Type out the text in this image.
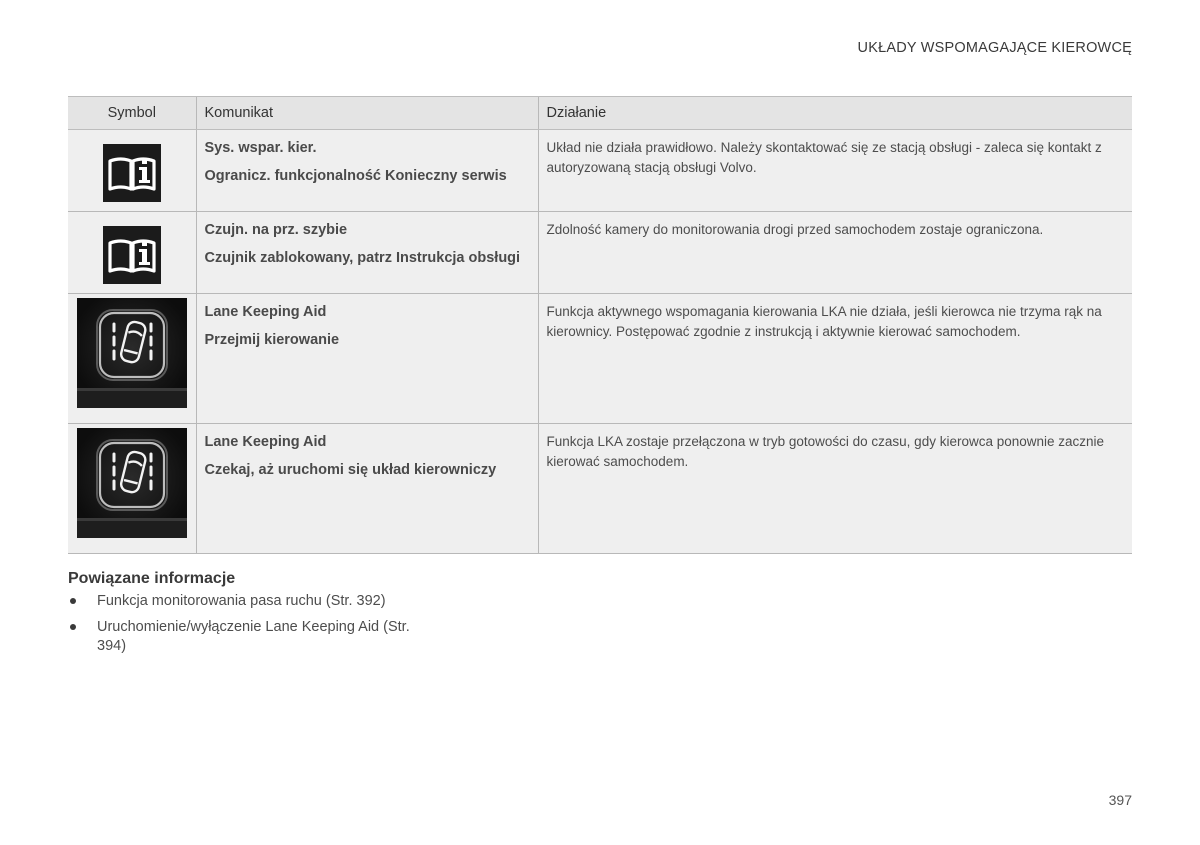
UKŁADY WSPOMAGAJĄCE KIEROWCĘ
Symbol	Komunikat	Działanie

Sys. wspar. kier.
Ogranicz. funkcjonalność Konieczny serwis	Układ nie działa prawidłowo. Należy skontaktować się ze stacją obsługi - zaleca się kontakt z autoryzowaną stacją obsługi Volvo.

Czujn. na prz. szybie
Czujnik zablokowany, patrz Instrukcja obsługi	Zdolność kamery do monitorowania drogi przed samochodem zostaje ograniczona.

Lane Keeping Aid
Przejmij kierowanie	Funkcja aktywnego wspomagania kierowania LKA nie działa, jeśli kierowca nie trzyma rąk na kierownicy. Postępować zgodnie z instrukcją i aktywnie kierować samochodem.

Lane Keeping Aid
Czekaj, aż uruchomi się układ kierowniczy	Funkcja LKA zostaje przełączona w tryb gotowości do czasu, gdy kierowca ponownie zacznie kierować samochodem.
Powiązane informacje
Funkcja monitorowania pasa ruchu (Str. 392)
Uruchomienie/wyłączenie Lane Keeping Aid (Str. 394)
397
